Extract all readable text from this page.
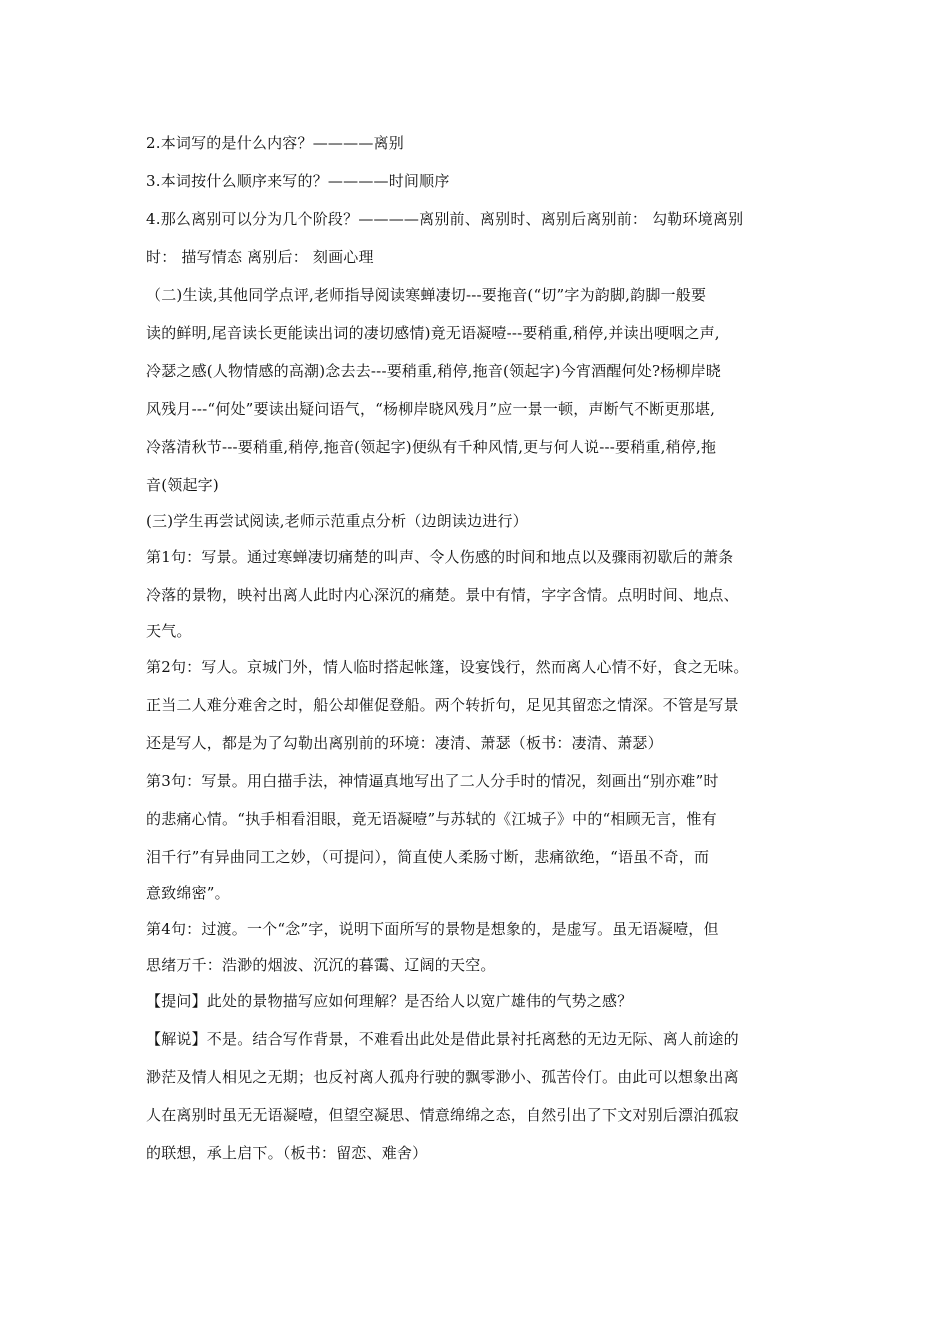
2.本词写的是什么内容？————离别
3.本词按什么顺序来写的？————时间顺序
4.那么离别可以分为几个阶段？————离别前、离别时、离别后离别前： 勾勒环境离别
时： 描写情态 离别后： 刻画心理
（二)生读,其他同学点评,老师指导阅读寒蝉凄切---要拖音(“切”字为韵脚,韵脚一般要
读的鲜明,尾音读长更能读出词的凄切感情)竟无语凝噎---要稍重,稍停,并读出哽咽之声,
冷瑟之感(人物情感的高潮)念去去---要稍重,稍停,拖音(领起字)今宵酒醒何处?杨柳岸晓
风残月---“何处”要读出疑问语气，“杨柳岸晓风残月”应一景一顿，声断气不断更那堪,
冷落清秋节---要稍重,稍停,拖音(领起字)便纵有千种风情,更与何人说---要稍重,稍停,拖
音(领起字)
(三)学生再尝试阅读,老师示范重点分析（边朗读边进行）
第1句：写景。通过寒蝉凄切痛楚的叫声、令人伤感的时间和地点以及骤雨初歇后的萧条
冷落的景物，映衬出离人此时内心深沉的痛楚。景中有情，字字含情。点明时间、地点、
天气。
第2句：写人。京城门外，情人临时搭起帐篷，设宴饯行，然而离人心情不好，食之无味。
正当二人难分难舍之时，船公却催促登船。两个转折句，足见其留恋之情深。不管是写景
还是写人，都是为了勾勒出离别前的环境：凄清、萧瑟（板书：凄清、萧瑟）
第3句：写景。用白描手法，神情逼真地写出了二人分手时的情况，刻画出“别亦难”时
的悲痛心情。“执手相看泪眼，竟无语凝噎”与苏轼的《江城子》中的“相顾无言，惟有
泪千行”有异曲同工之妙，（可提问），简直使人柔肠寸断，悲痛欲绝，“语虽不奇，而
意致绵密”。
第4句：过渡。一个“念”字，说明下面所写的景物是想象的，是虚写。虽无语凝噎，但
思绪万千：浩渺的烟波、沉沉的暮霭、辽阔的天空。
【提问】此处的景物描写应如何理解？是否给人以宽广雄伟的气势之感？
【解说】不是。结合写作背景，不难看出此处是借此景衬托离愁的无边无际、离人前途的
渺茫及情人相见之无期；也反衬离人孤舟行驶的飘零渺小、孤苦伶仃。由此可以想象出离
人在离别时虽无无语凝噎，但望空凝思、情意绵绵之态，自然引出了下文对别后漂泊孤寂
的联想，承上启下。（板书：留恋、难舍）
